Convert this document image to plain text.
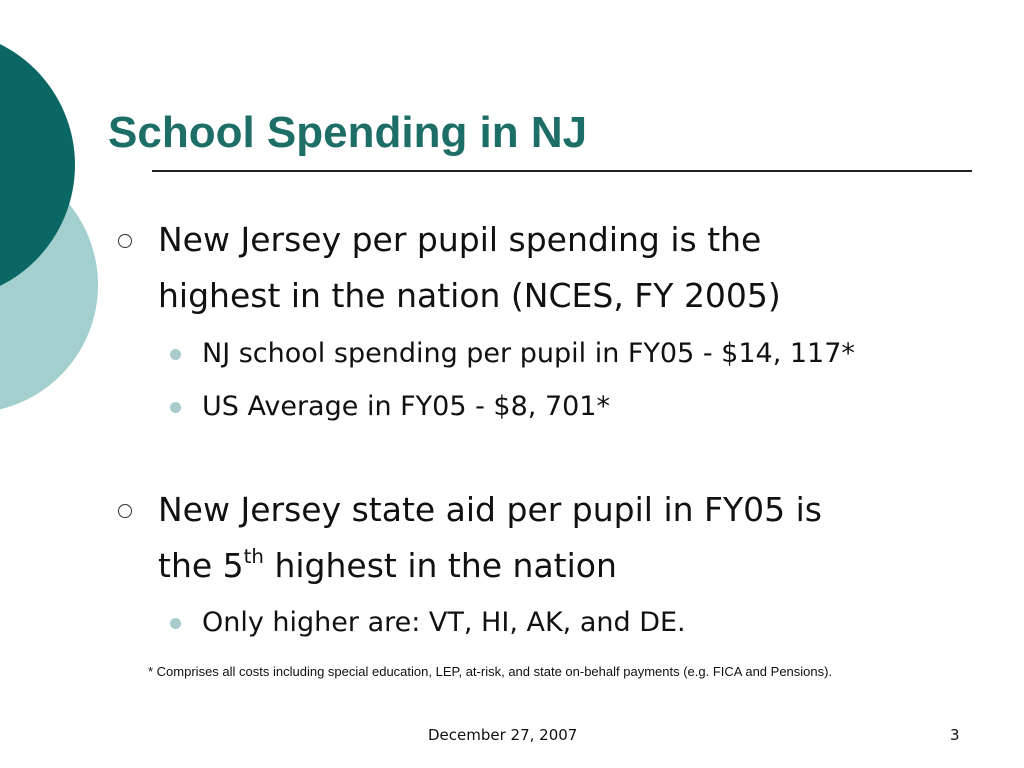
School Spending in NJ
New Jersey per pupil spending is the
highest in the nation (NCES, FY 2005)
NJ school spending per pupil in FY05 - $14, 117*
US Average in FY05 - $8, 701*
New Jersey state aid per pupil in FY05 is
the 5th highest in the nation
Only higher are: VT, HI, AK, and DE.
* Comprises all costs including special education, LEP, at-risk, and state on-behalf payments (e.g. FICA and Pensions).
December 27, 2007	3
